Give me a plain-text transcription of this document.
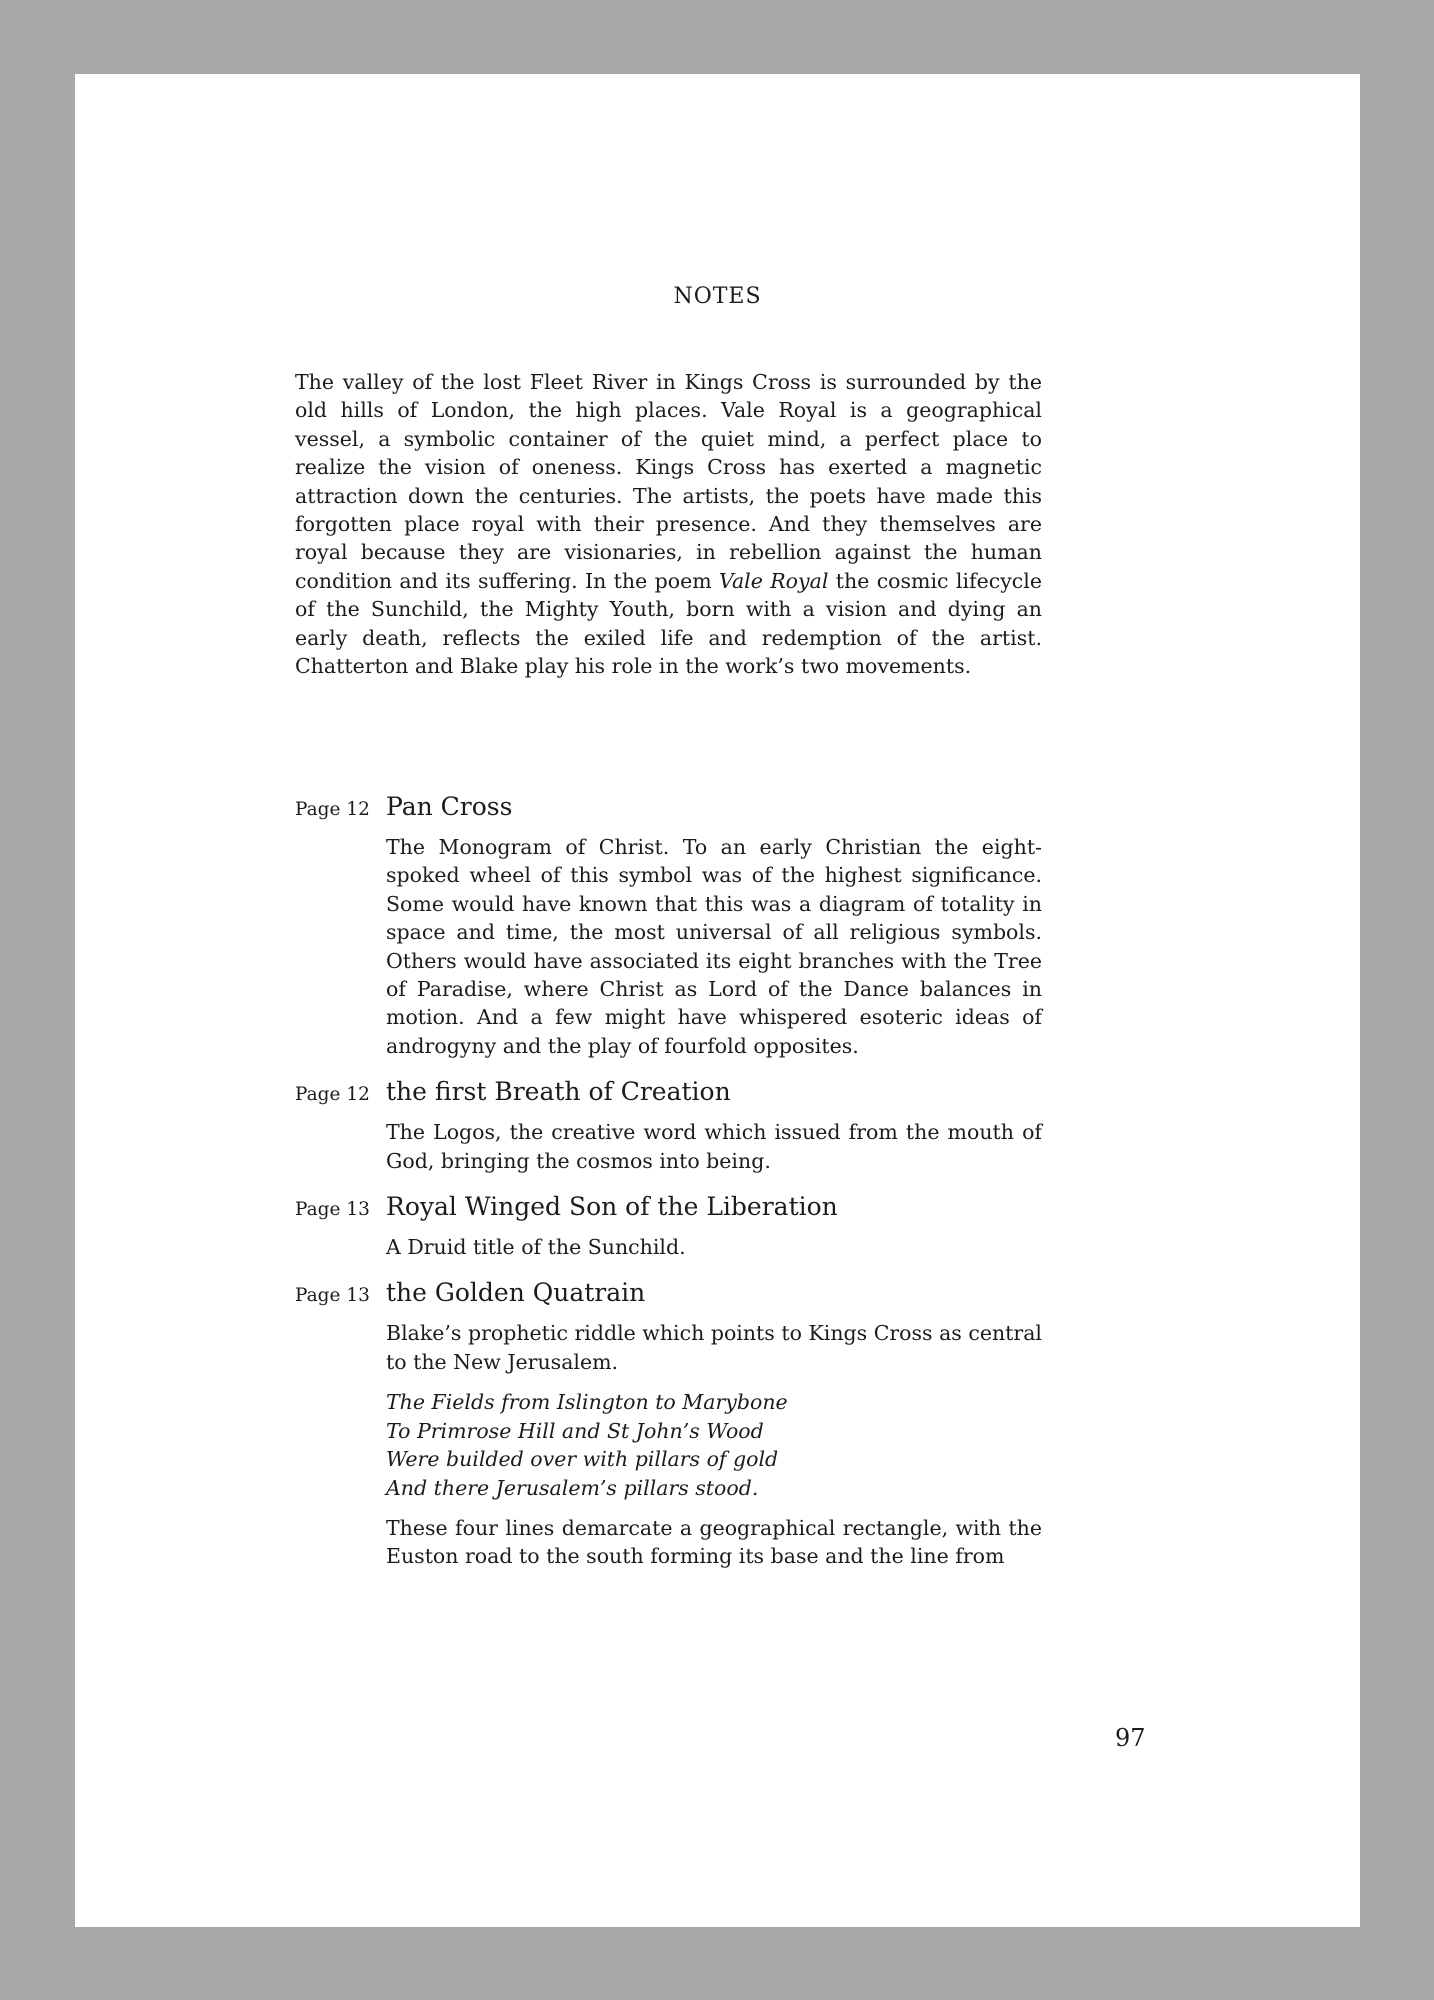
NOTES

The valley of the lost Fleet River in Kings Cross is surrounded by the old hills of London, the high places. Vale Royal is a geographical vessel, a symbolic container of the quiet mind, a perfect place to realize the vision of oneness. Kings Cross has exerted a magnetic attraction down the centuries. The artists, the poets have made this forgotten place royal with their presence. And they themselves are royal because they are visionaries, in rebellion against the human condition and its suffering. In the poem Vale Royal the cosmic lifecycle of the Sunchild, the Mighty Youth, born with a vision and dying an early death, reflects the exiled life and redemption of the artist. Chatterton and Blake play his role in the work’s two movements.

Page 12 Pan Cross

The Monogram of Christ. To an early Christian the eight-spoked wheel of this symbol was of the highest significance. Some would have known that this was a diagram of totality in space and time, the most universal of all religious symbols. Others would have associated its eight branches with the Tree of Paradise, where Christ as Lord of the Dance balances in motion. And a few might have whispered esoteric ideas of androgyny and the play of fourfold opposites.

Page 12 the first Breath of Creation

The Logos, the creative word which issued from the mouth of God, bringing the cosmos into being.

Page 13 Royal Winged Son of the Liberation

A Druid title of the Sunchild.

Page 13 the Golden Quatrain

Blake’s prophetic riddle which points to Kings Cross as central to the New Jerusalem.

The Fields from Islington to Marybone
To Primrose Hill and St John’s Wood
Were builded over with pillars of gold
And there Jerusalem’s pillars stood.

These four lines demarcate a geographical rectangle, with the Euston road to the south forming its base and the line from

97
